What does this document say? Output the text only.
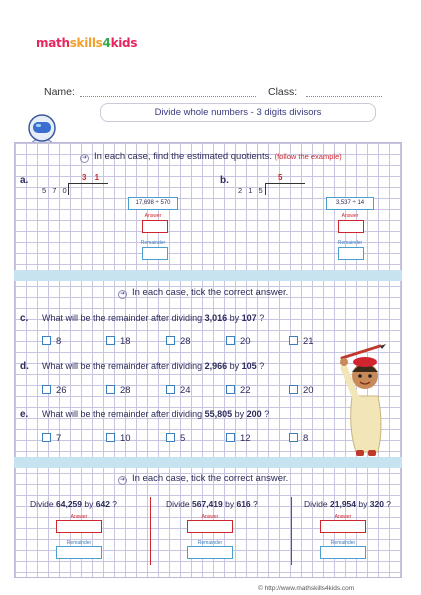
mathskills4kids
Name:	Class:
Divide whole numbers - 3 digits divisors
➜ In each case, find the estimated quotients. (follow the example)
a.	3 1
5 7 0
17,698 ÷ 570
Answer
Remainder
b.	5
2 1 5
3,537 ÷ 14
Answer
Remainder
➜ In each case, tick the correct answer.
c. What will be the remainder after dividing 3,016 by 107 ?
8	18	28	20	21
d. What will be the remainder after dividing 2,966 by 105 ?
26	28	24	22	20
e. What will be the remainder after dividing 55,805 by 200 ?
7	10	5	12	8
➜ In each case, tick the correct answer.
Divide 64,259 by 642 ?
Answer
Remainder
Divide 567,419 by 616 ?
Answer
Remainder
Divide 21,954 by 320 ?
Answer
Remainder
© http://www.mathskills4kids.com
